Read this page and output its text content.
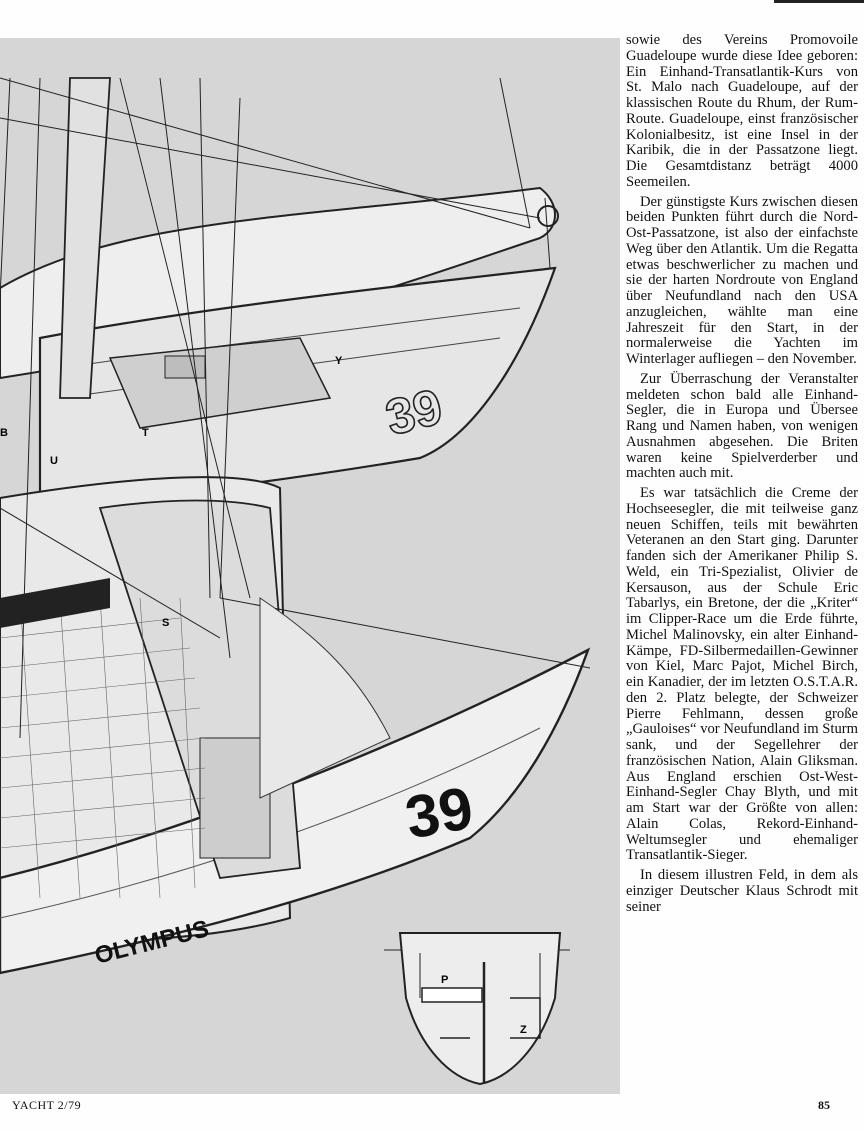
39
39
OLYMPUS
T
U
Y
S
P
Z
B

sowie des Vereins Promovoile Guadeloupe wurde diese Idee geboren: Ein Einhand-Transatlantik-Kurs von St. Malo nach Guadeloupe, auf der klassischen Route du Rhum, der Rum-Route. Guadeloupe, einst französischer Kolonialbesitz, ist eine Insel in der Karibik, die in der Passatzone liegt. Die Gesamtdistanz beträgt 4000 Seemeilen.

Der günstigste Kurs zwischen diesen beiden Punkten führt durch die Nord-Ost-Passatzone, ist also der einfachste Weg über den Atlantik. Um die Regatta etwas beschwerlicher zu machen und sie der harten Nordroute von England über Neufundland nach den USA anzugleichen, wählte man eine Jahreszeit für den Start, in der normalerweise die Yachten im Winterlager aufliegen – den November.

Zur Überraschung der Veranstalter meldeten schon bald alle Einhand-Segler, die in Europa und Übersee Rang und Namen haben, von wenigen Ausnahmen abgesehen. Die Briten waren keine Spielverderber und machten auch mit.

Es war tatsächlich die Creme der Hochseesegler, die mit teilweise ganz neuen Schiffen, teils mit bewährten Veteranen an den Start ging. Darunter fanden sich der Amerikaner Philip S. Weld, ein Tri-Spezialist, Olivier de Kersauson, aus der Schule Eric Tabarlys, ein Bretone, der die „Kriter“ im Clipper-Race um die Erde führte, Michel Malinovsky, ein alter Einhand-Kämpe, FD-Silbermedaillen-Gewinner von Kiel, Marc Pajot, Michel Birch, ein Kanadier, der im letzten O.S.T.A.R. den 2. Platz belegte, der Schweizer Pierre Fehlmann, dessen große „Gauloises“ vor Neufundland im Sturm sank, und der Segellehrer der französischen Nation, Alain Gliksman. Aus England erschien Ost-West-Einhand-Segler Chay Blyth, und mit am Start war der Größte von allen: Alain Colas, Rekord-Einhand-Weltumsegler und ehemaliger Transatlantik-Sieger.

In diesem illustren Feld, in dem als einziger Deutscher Klaus Schrodt mit seiner

YACHT 2/79	85
